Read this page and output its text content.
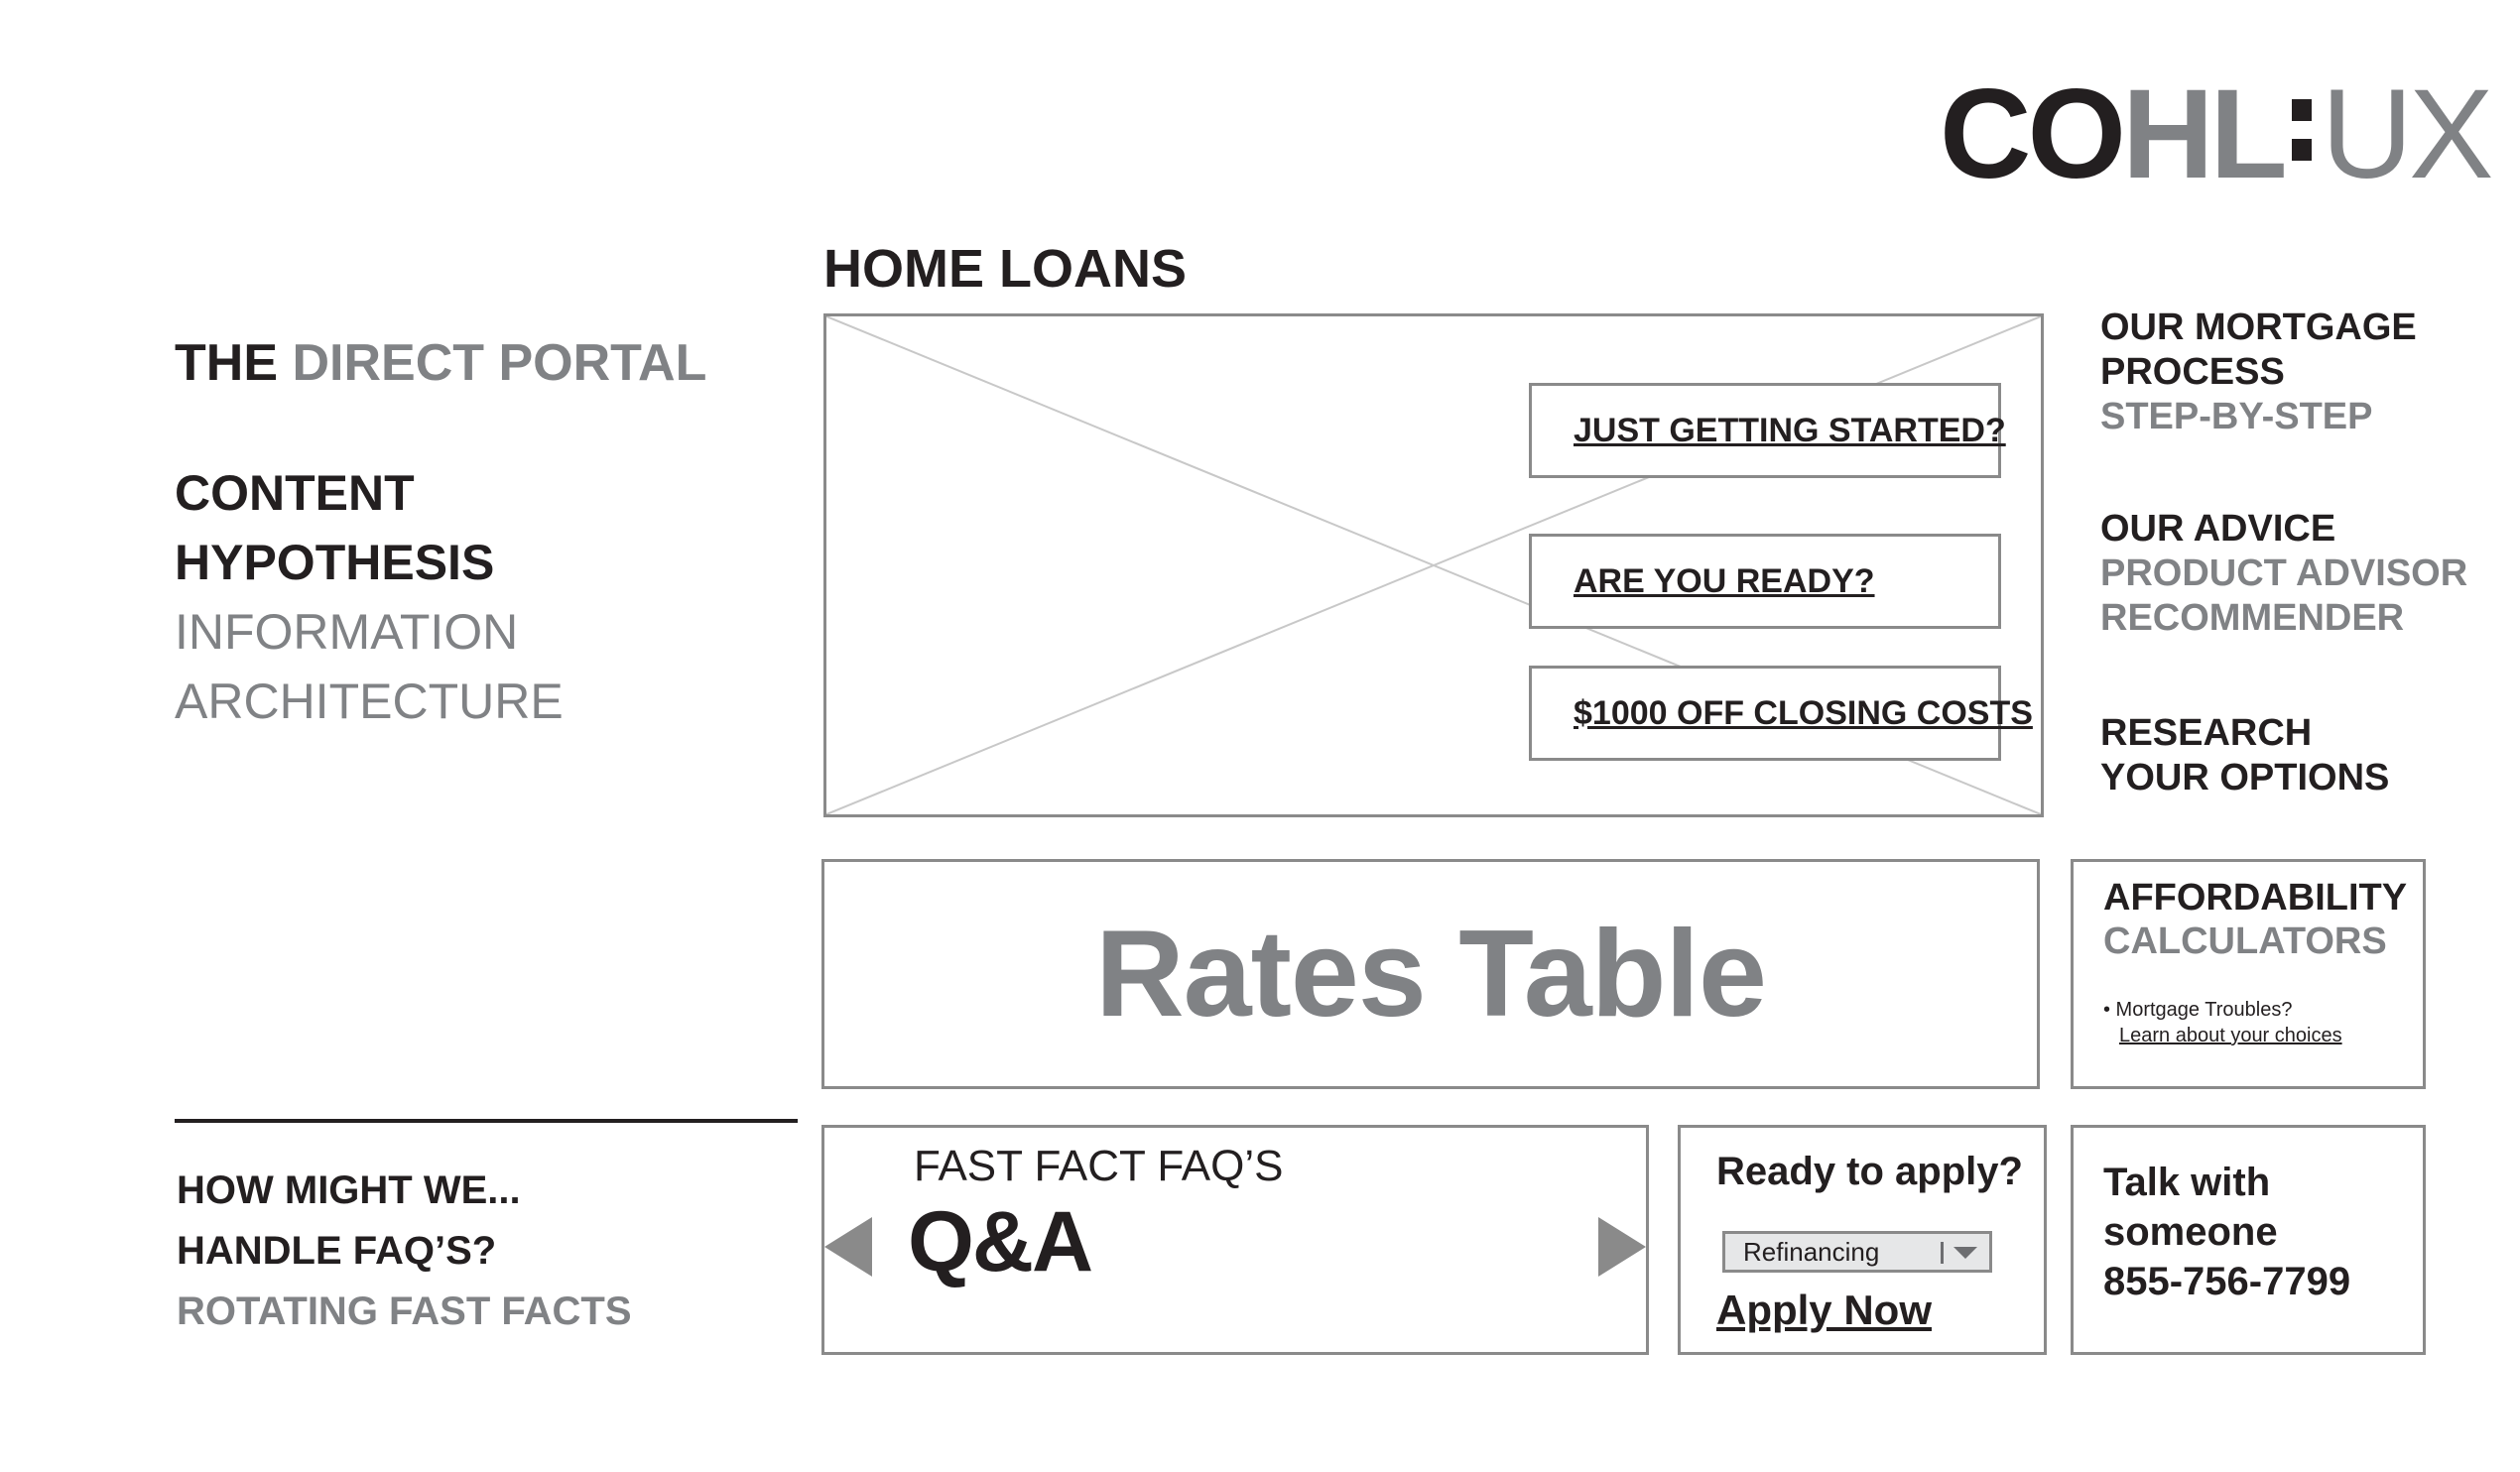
COHL UX
THE DIRECT PORTAL
CONTENT
HYPOTHESIS
INFORMATION
ARCHITECTURE
HOW MIGHT WE...
HANDLE FAQ’S?
ROTATING FAST FACTS
HOME LOANS
JUST GETTING STARTED?
ARE YOU READY?
$1000 OFF CLOSING COSTS
OUR MORTGAGE
PROCESS
STEP-BY-STEP
OUR ADVICE
PRODUCT ADVISOR
RECOMMENDER
RESEARCH
YOUR OPTIONS
Rates Table
AFFORDABILITY
CALCULATORS
• Mortgage Troubles?
Learn about your choices
FAST FACT FAQ’S
Q&A
Ready to apply?
Refinancing
Apply Now
Talk with someone
855-756-7799
